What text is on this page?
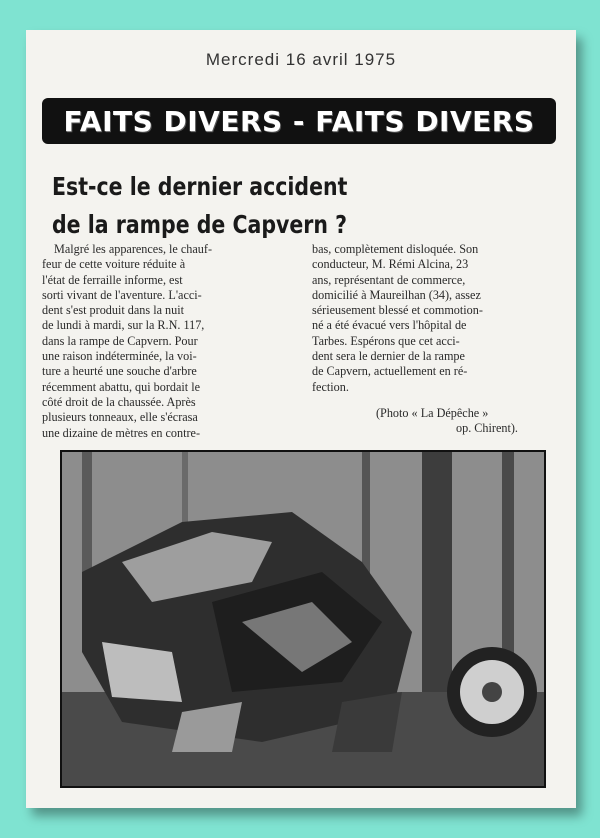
Mercredi 16 avril 1975
FAITS DIVERS - FAITS DIVERS
Est-ce le dernier accident
de la rampe de Capvern ?
Malgré les apparences, le chauf-
feur de cette voiture réduite à
l'état de ferraille informe, est
sorti vivant de l'aventure. L'acci-
dent s'est produit dans la nuit
de lundi à mardi, sur la R.N. 117,
dans la rampe de Capvern. Pour
une raison indéterminée, la voi-
ture a heurté une souche d'arbre
récemment abattu, qui bordait le
côté droit de la chaussée. Après
plusieurs tonneaux, elle s'écrasa
une dizaine de mètres en contre-
bas, complètement disloquée. Son
conducteur, M. Rémi Alcina, 23
ans, représentant de commerce,
domicilié à Maureilhan (34), assez
sérieusement blessé et commotion-
né a été évacué vers l'hôpital de
Tarbes. Espérons que cet acci-
dent sera le dernier de la rampe
de Capvern, actuellement en ré-
fection.
(Photo « La Dépêche »
op. Chirent).
